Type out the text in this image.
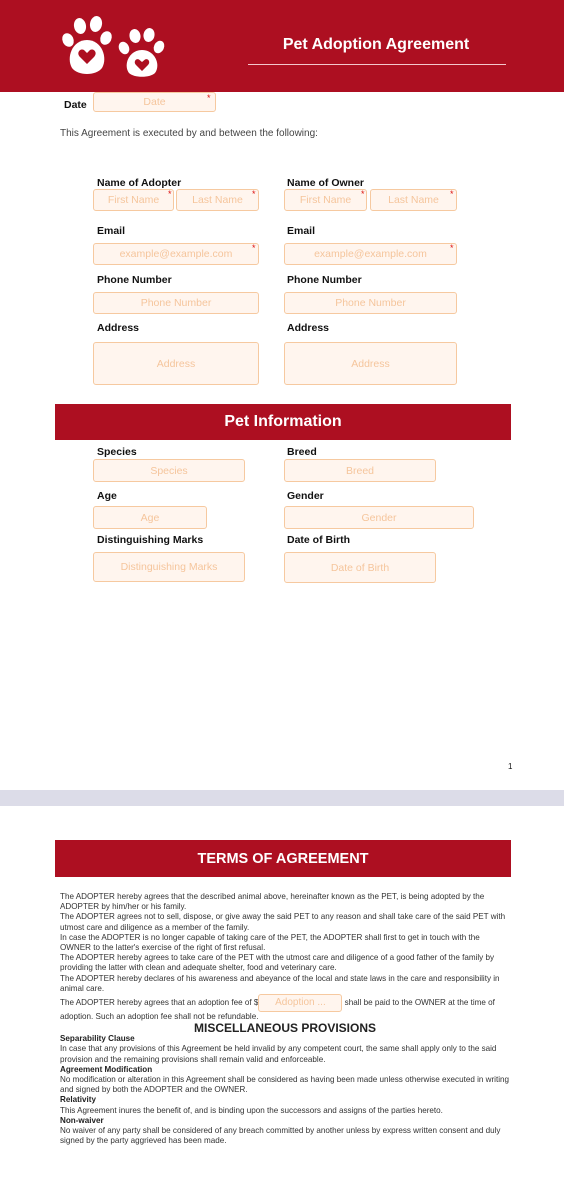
Pet Adoption Agreement
Date	Date	*
This Agreement is executed by and between the following:
Name of Adopter
First Name *	Last Name	*
Email
example@example.com	*
Phone Number
Phone Number
Address
Address
Name of Owner
First Name	*	Last Name	*
Email
example@example.com	*
Phone Number
Phone Number
Address
Address
Pet Information
Species
Species
Breed
Breed
Age
Age
Gender
Gender
Distinguishing Marks
Distinguishing Marks
Date of Birth
Date of Birth
1
TERMS OF AGREEMENT

The ADOPTER hereby agrees that the described animal above, hereinafter known as the PET, is being adopted by the ADOPTER by him/her or his family.

The ADOPTER agrees not to sell, dispose, or give away the said PET to any reason and shall take care of the said PET with utmost care and diligence as a member of the family.

In case the ADOPTER is no longer capable of taking care of the PET, the ADOPTER shall first to get in touch with the OWNER to the latter's exercise of the right of first refusal.

The ADOPTER hereby agrees to take care of the PET with the utmost care and diligence of a good father of the family by providing the latter with clean and adequate shelter, food and veterinary care.

The ADOPTER hereby declares of his awareness and abeyance of the local and state laws in the care and responsibility in animal care.

The ADOPTER hereby agrees that an adoption fee of $ Adoption ... shall be paid to the OWNER at the time of adoption. Such an adoption fee shall not be refundable.

MISCELLANEOUS PROVISIONS

Separability Clause

In case that any provisions of this Agreement be held invalid by any competent court, the same shall apply only to the said provision and the remaining provisions shall remain valid and enforceable.

Agreement Modification

No modification or alteration in this Agreement shall be considered as having been made unless otherwise executed in writing and signed by both the ADOPTER and the OWNER.

Relativity

This Agreement inures the benefit of, and is binding upon the successors and assigns of the parties hereto.

Non-waiver

No waiver of any party shall be considered of any breach committed by another unless by express written consent and duly signed by the party aggrieved has been made.
